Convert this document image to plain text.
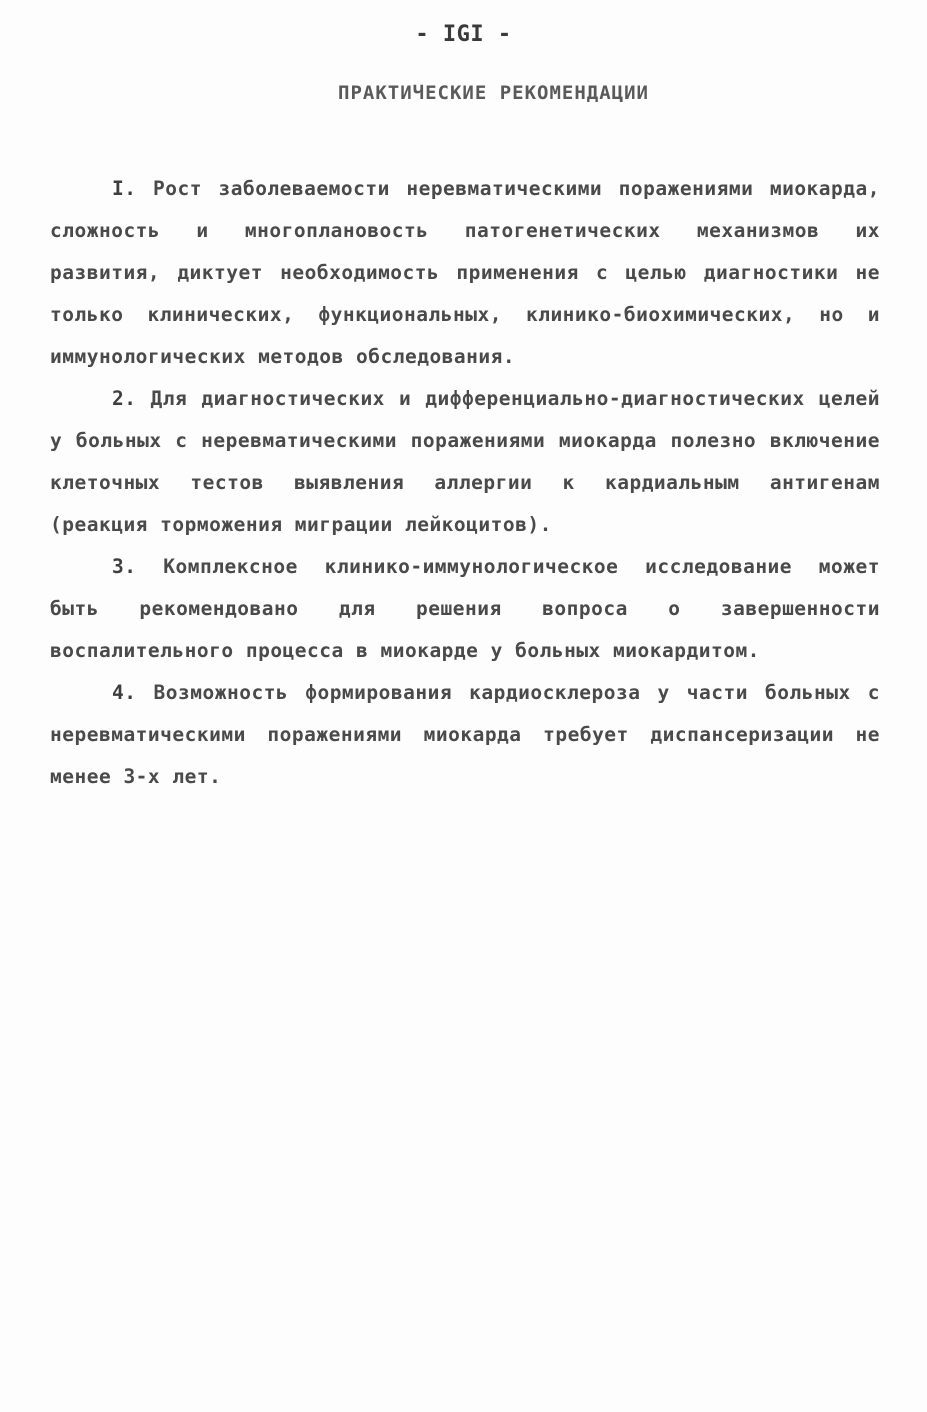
- IGI -
ПРАКТИЧЕСКИЕ РЕКОМЕНДАЦИИ

I. Рост заболеваемости неревматическими поражениями миокарда, сложность и многоплановость патогенетических механизмов их развития, диктует необходимость применения с целью диагностики не только клинических, функциональных, клинико-биохимических, но и иммунологических методов обследования.

2. Для диагностических и дифференциально-диагностических целей у больных с неревматическими поражениями миокарда полезно включение клеточных тестов выявления аллергии к кардиальным антигенам (реакция торможения миграции лейкоцитов).

3. Комплексное клинико-иммунологическое исследование может быть рекомендовано для решения вопроса о завершенности воспалительного процесса в миокарде у больных миокардитом.

4. Возможность формирования кардиосклероза у части больных с неревматическими поражениями миокарда требует диспансеризации не менее 3-х лет.
